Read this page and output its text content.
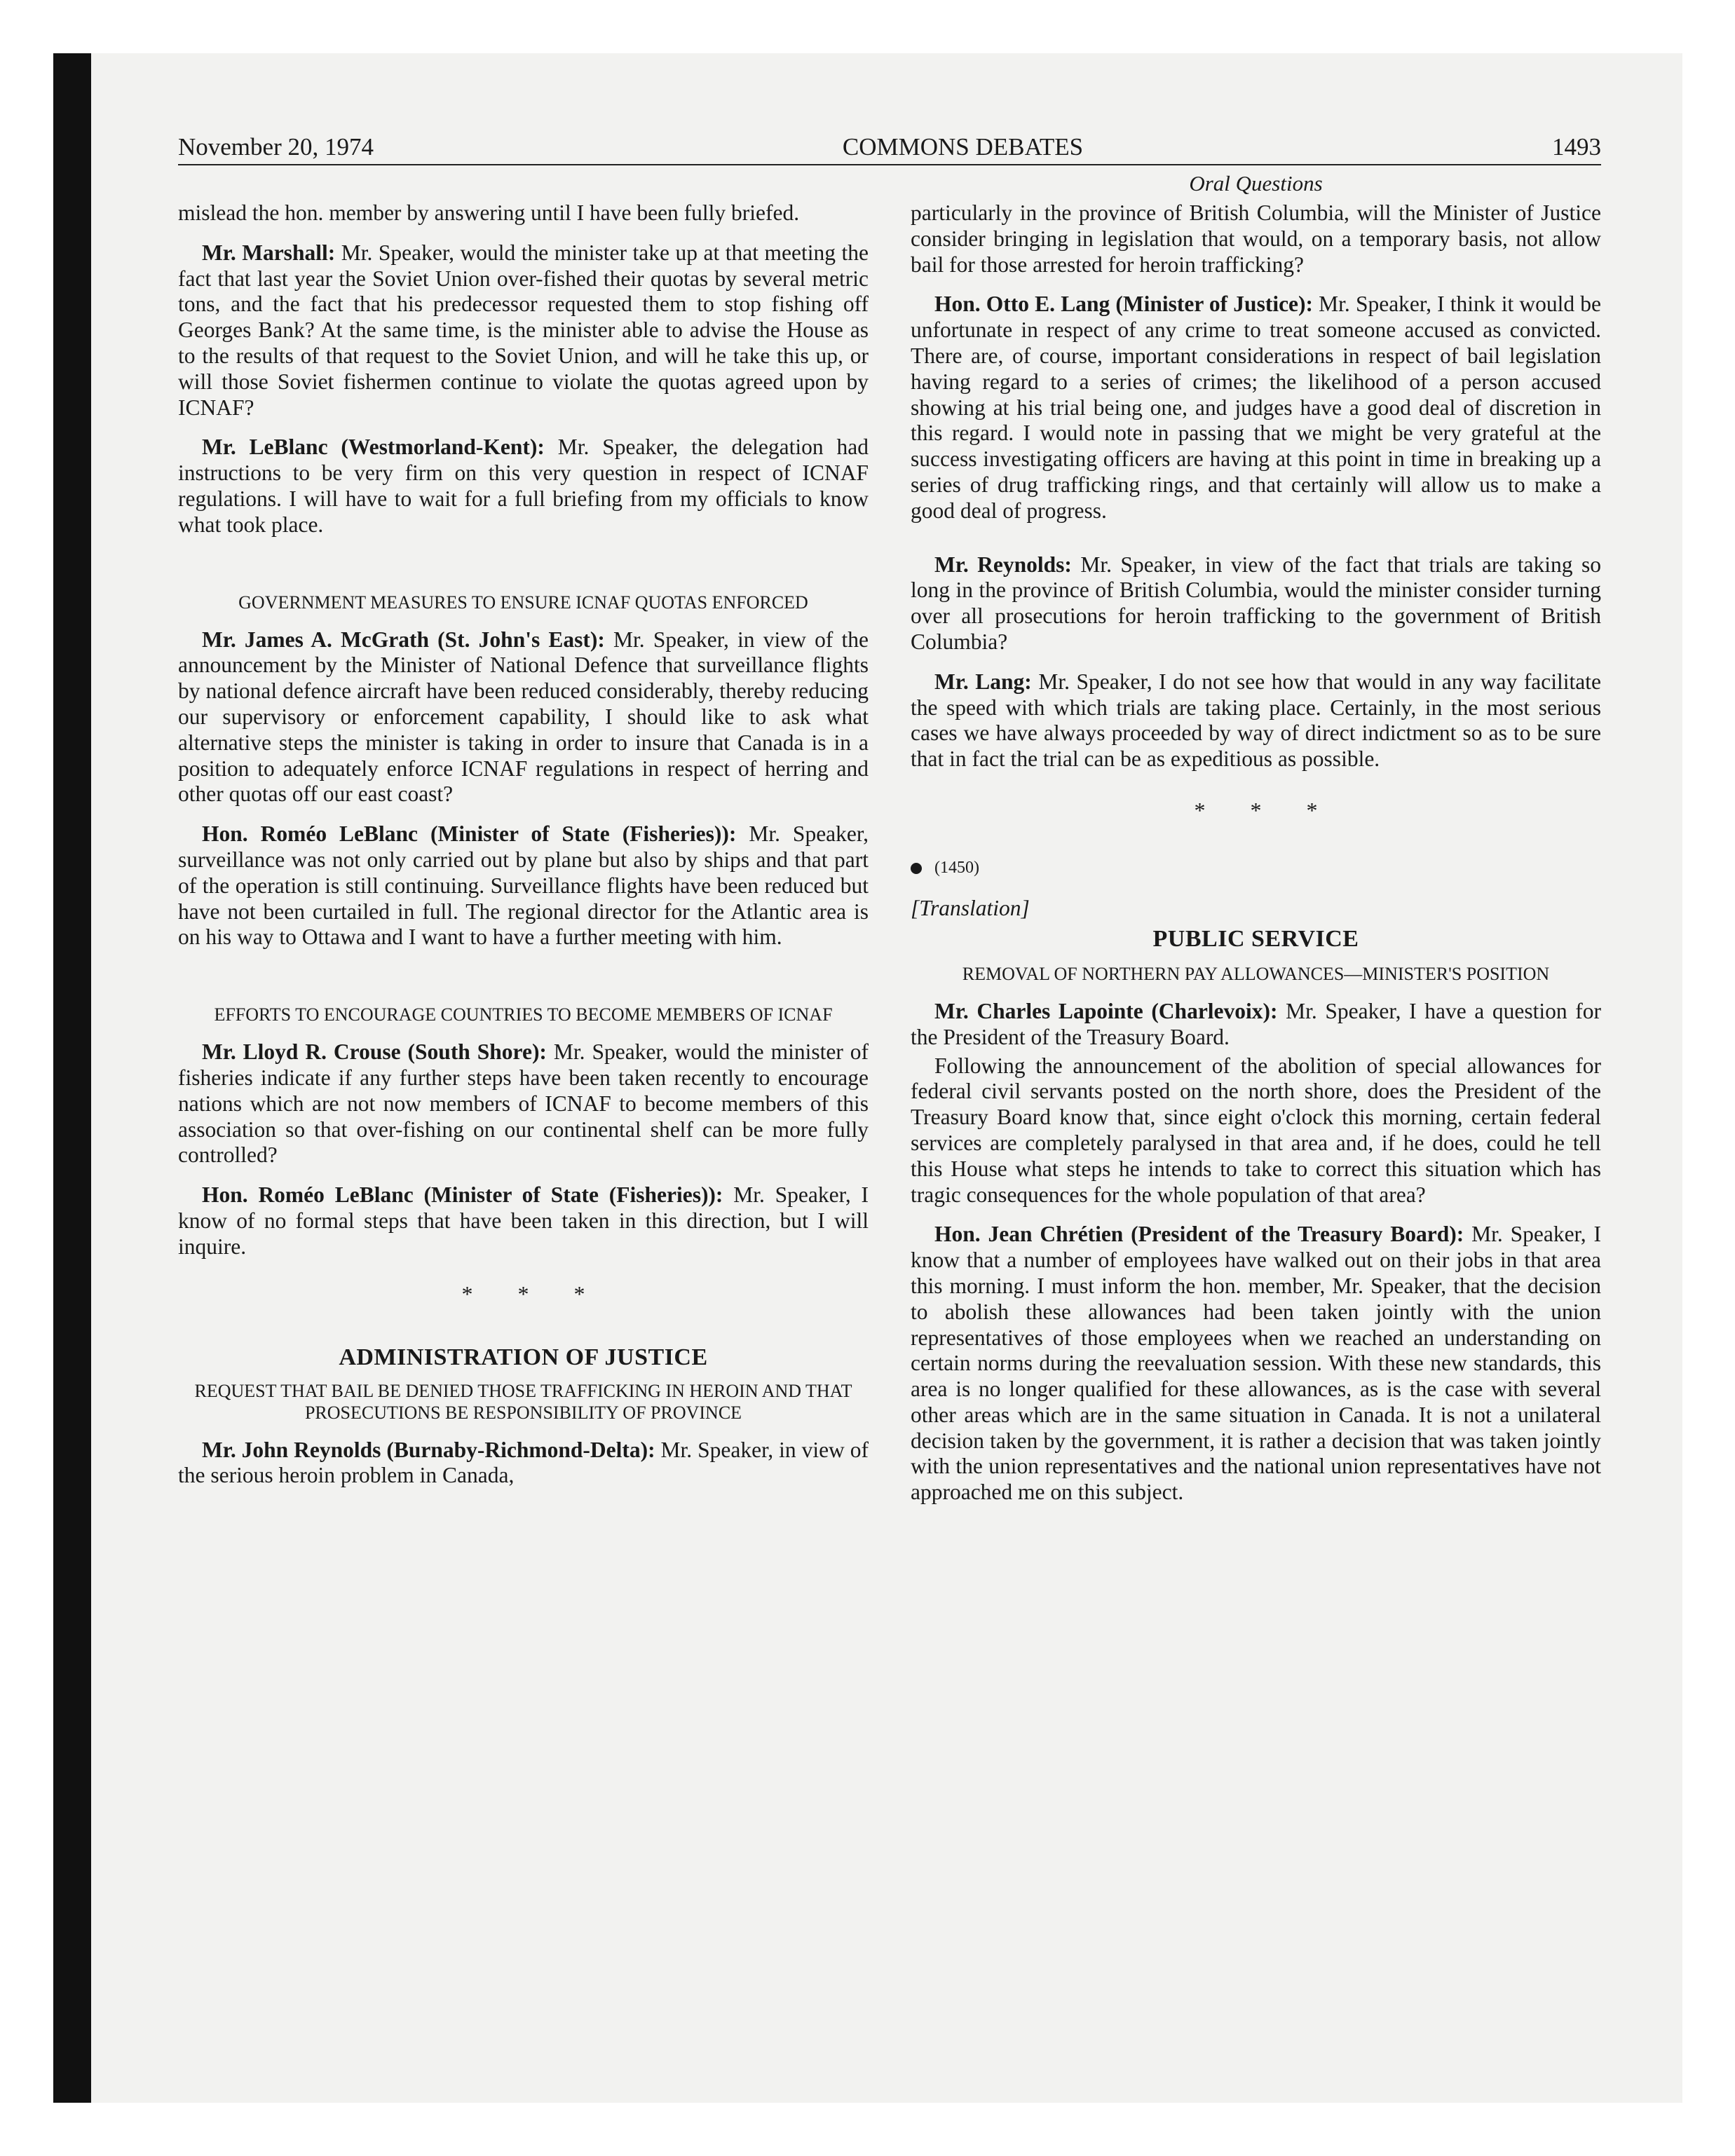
November 20, 1974	COMMONS DEBATES	1493

mislead the hon. member by answering until I have been fully briefed.

Mr. Marshall: Mr. Speaker, would the minister take up at that meeting the fact that last year the Soviet Union over-fished their quotas by several metric tons, and the fact that his predecessor requested them to stop fishing off Georges Bank? At the same time, is the minister able to advise the House as to the results of that request to the Soviet Union, and will he take this up, or will those Soviet fishermen continue to violate the quotas agreed upon by ICNAF?

Mr. LeBlanc (Westmorland-Kent): Mr. Speaker, the delegation had instructions to be very firm on this very question in respect of ICNAF regulations. I will have to wait for a full briefing from my officials to know what took place.

GOVERNMENT MEASURES TO ENSURE ICNAF QUOTAS ENFORCED

Mr. James A. McGrath (St. John's East): Mr. Speaker, in view of the announcement by the Minister of National Defence that surveillance flights by national defence aircraft have been reduced considerably, thereby reducing our supervisory or enforcement capability, I should like to ask what alternative steps the minister is taking in order to insure that Canada is in a position to adequately enforce ICNAF regulations in respect of herring and other quotas off our east coast?

Hon. Roméo LeBlanc (Minister of State (Fisheries)): Mr. Speaker, surveillance was not only carried out by plane but also by ships and that part of the operation is still continuing. Surveillance flights have been reduced but have not been curtailed in full. The regional director for the Atlantic area is on his way to Ottawa and I want to have a further meeting with him.

EFFORTS TO ENCOURAGE COUNTRIES TO BECOME MEMBERS OF ICNAF

Mr. Lloyd R. Crouse (South Shore): Mr. Speaker, would the minister of fisheries indicate if any further steps have been taken recently to encourage nations which are not now members of ICNAF to become members of this association so that over-fishing on our continental shelf can be more fully controlled?

Hon. Roméo LeBlanc (Minister of State (Fisheries)): Mr. Speaker, I know of no formal steps that have been taken in this direction, but I will inquire.

* * *
ADMINISTRATION OF JUSTICE
REQUEST THAT BAIL BE DENIED THOSE TRAFFICKING IN HEROIN AND THAT PROSECUTIONS BE RESPONSIBILITY OF PROVINCE

Mr. John Reynolds (Burnaby-Richmond-Delta): Mr. Speaker, in view of the serious heroin problem in Canada,

Oral Questions

particularly in the province of British Columbia, will the Minister of Justice consider bringing in legislation that would, on a temporary basis, not allow bail for those arrested for heroin trafficking?

Hon. Otto E. Lang (Minister of Justice): Mr. Speaker, I think it would be unfortunate in respect of any crime to treat someone accused as convicted. There are, of course, important considerations in respect of bail legislation having regard to a series of crimes; the likelihood of a person accused showing at his trial being one, and judges have a good deal of discretion in this regard. I would note in passing that we might be very grateful at the success investigating officers are having at this point in time in breaking up a series of drug trafficking rings, and that certainly will allow us to make a good deal of progress.

Mr. Reynolds: Mr. Speaker, in view of the fact that trials are taking so long in the province of British Columbia, would the minister consider turning over all prosecutions for heroin trafficking to the government of British Columbia?

Mr. Lang: Mr. Speaker, I do not see how that would in any way facilitate the speed with which trials are taking place. Certainly, in the most serious cases we have always proceeded by way of direct indictment so as to be sure that in fact the trial can be as expeditious as possible.

* * *
(1450)
[Translation]
PUBLIC SERVICE
REMOVAL OF NORTHERN PAY ALLOWANCES—MINISTER'S POSITION

Mr. Charles Lapointe (Charlevoix): Mr. Speaker, I have a question for the President of the Treasury Board.

Following the announcement of the abolition of special allowances for federal civil servants posted on the north shore, does the President of the Treasury Board know that, since eight o'clock this morning, certain federal services are completely paralysed in that area and, if he does, could he tell this House what steps he intends to take to correct this situation which has tragic consequences for the whole population of that area?

Hon. Jean Chrétien (President of the Treasury Board): Mr. Speaker, I know that a number of employees have walked out on their jobs in that area this morning. I must inform the hon. member, Mr. Speaker, that the decision to abolish these allowances had been taken jointly with the union representatives of those employees when we reached an understanding on certain norms during the reevaluation session. With these new standards, this area is no longer qualified for these allowances, as is the case with several other areas which are in the same situation in Canada. It is not a unilateral decision taken by the government, it is rather a decision that was taken jointly with the union representatives and the national union representatives have not approached me on this subject.
